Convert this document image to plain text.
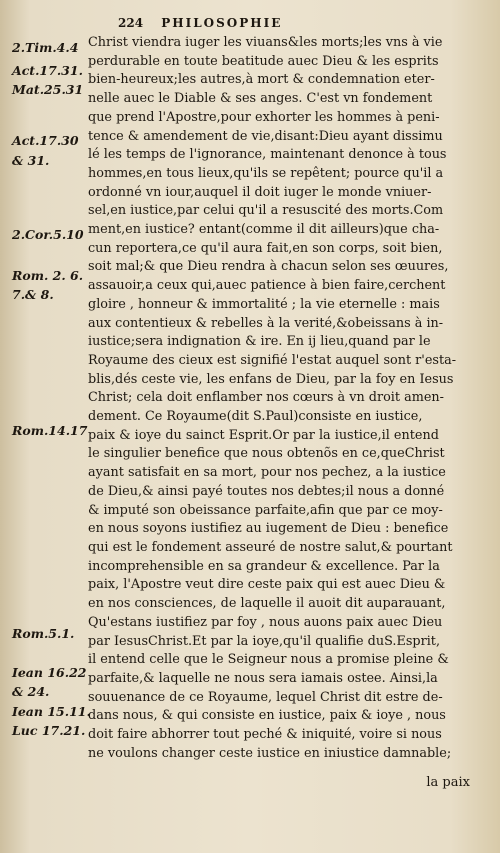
224 PHILOSOPHIE
2.Tim.4.4
Act.17.31.
Mat.25.31
Act.17.30
& 31.
2.Cor.5.10
Rom. 2. 6.
7.& 8.
Rom.14.17
Rom.5.1.
Iean 16.22
& 24.
Iean 15.11.
Luc 17.21.
Christ viendra iuger les viuans&les morts;les vns à vie
perdurable en toute beatitude auec Dieu & les esprits
bien-heureux;les autres,à mort & condemnation eter-
nelle auec le Diable & ses anges. C'est vn fondement
que prend l'Apostre,pour exhorter les hommes à peni-
tence & amendement de vie,disant:Dieu ayant dissimu
lé les temps de l'ignorance, maintenant denonce à tous
hommes,en tous lieux,qu'ils se repêtent; pource qu'il a
ordonné vn iour,auquel il doit iuger le monde vniuer-
sel,en iustice,par celui qu'il a resuscité des morts.Com
ment,en iustice? entant(comme il dit ailleurs)que cha-
cun reportera,ce qu'il aura fait,en son corps, soit bien,
soit mal;& que Dieu rendra à chacun selon ses œuures,
assauoir,a ceux qui,auec patience à bien faire,cerchent
gloire , honneur & immortalité ; la vie eternelle : mais
aux contentieux & rebelles à la verité,&obeissans à in-
iustice;sera indignation & ire. En ij lieu,quand par le
Royaume des cieux est signifié l'estat auquel sont r'esta-
blis,dés ceste vie, les enfans de Dieu, par la foy en Iesus
Christ; cela doit enflamber nos cœurs à vn droit amen-
dement. Ce Royaume(dit S.Paul)consiste en iustice,
paix & ioye du sainct Esprit.Or par la iustice,il entend
le singulier benefice que nous obtenõs en ce,queChrist
ayant satisfait en sa mort, pour nos pechez, a la iustice
de Dieu,& ainsi payé toutes nos debtes;il nous a donné
& imputé son obeissance parfaite,afin que par ce moy-
en nous soyons iustifiez au iugement de Dieu : benefice
qui est le fondement asseuré de nostre salut,& pourtant
incomprehensible en sa grandeur & excellence. Par la
paix, l'Apostre veut dire ceste paix qui est auec Dieu &
en nos consciences, de laquelle il auoit dit auparauant,
Qu'estans iustifiez par foy , nous auons paix auec Dieu
par IesusChrist.Et par la ioye,qu'il qualifie duS.Esprit,
il entend celle que le Seigneur nous a promise pleine &
parfaite,& laquelle ne nous sera iamais ostee. Ainsi,la
souuenance de ce Royaume, lequel Christ dit estre de-
dans nous, & qui consiste en iustice, paix & ioye , nous
doit faire abhorrer tout peché & iniquité, voire si nous
ne voulons changer ceste iustice en iniustice damnable;
la paix
